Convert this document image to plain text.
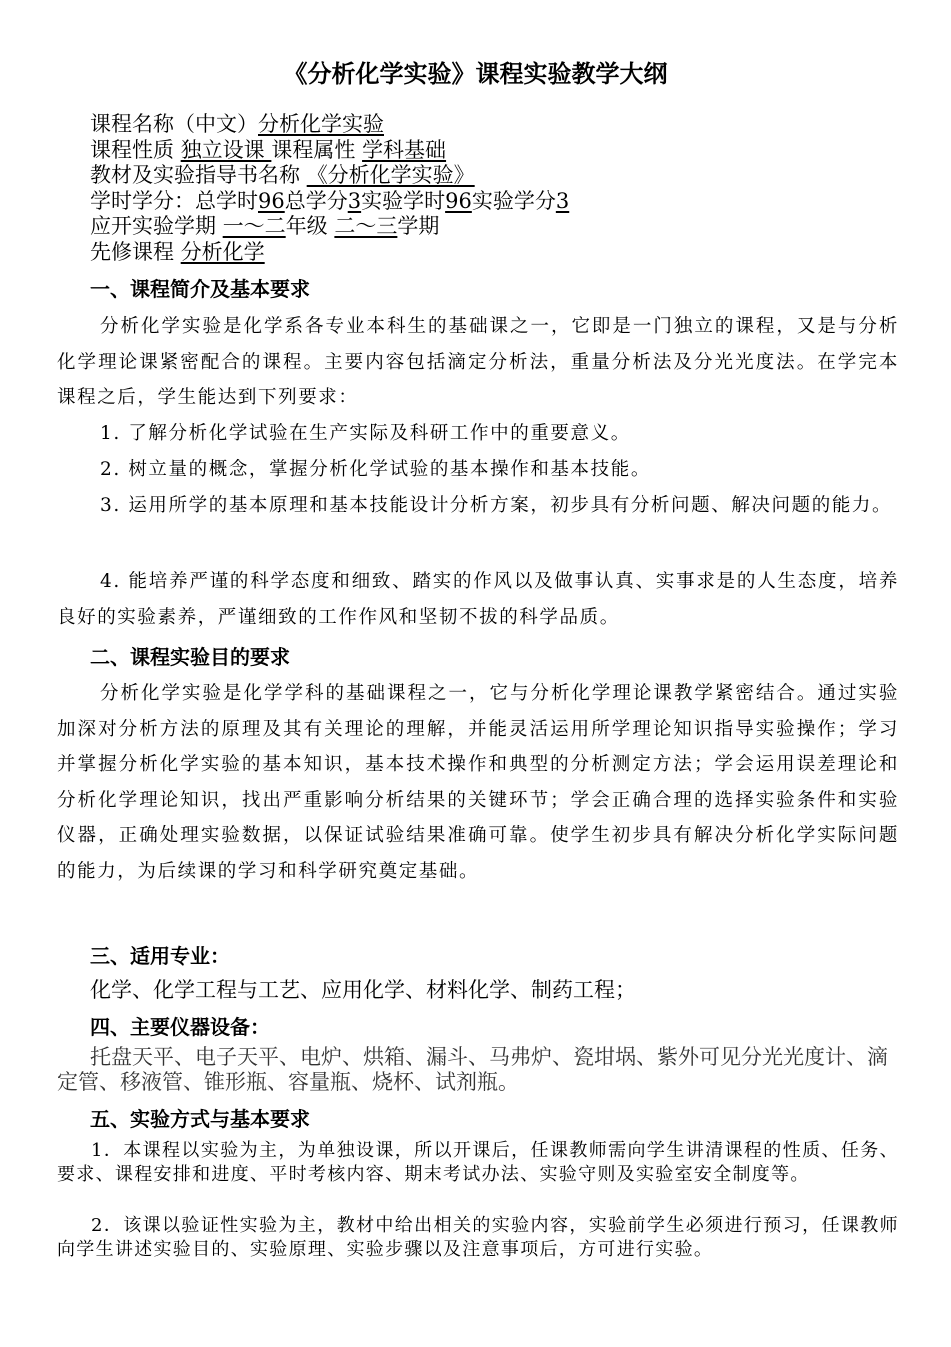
《分析化学实验》课程实验教学大纲
课程名称（中文）分析化学实验
课程性质 独立设课 课程属性 学科基础
教材及实验指导书名称 《分析化学实验》
学时学分：总学时96总学分3实验学时96实验学分3
应开实验学期 一～二年级 二～三学期
先修课程 分析化学
一、课程简介及基本要求
分析化学实验是化学系各专业本科生的基础课之一，它即是一门独立的课程，又是与分析化学理论课紧密配合的课程。主要内容包括滴定分析法，重量分析法及分光光度法。在学完本课程之后，学生能达到下列要求：
1. 了解分析化学试验在生产实际及科研工作中的重要意义。
2. 树立量的概念，掌握分析化学试验的基本操作和基本技能。
3. 运用所学的基本原理和基本技能设计分析方案，初步具有分析问题、解决问题的能力。
4. 能培养严谨的科学态度和细致、踏实的作风以及做事认真、实事求是的人生态度，培养良好的实验素养，严谨细致的工作作风和坚韧不拔的科学品质。
二、课程实验目的要求
分析化学实验是化学学科的基础课程之一，它与分析化学理论课教学紧密结合。通过实验加深对分析方法的原理及其有关理论的理解，并能灵活运用所学理论知识指导实验操作；学习并掌握分析化学实验的基本知识，基本技术操作和典型的分析测定方法；学会运用误差理论和分析化学理论知识，找出严重影响分析结果的关键环节；学会正确合理的选择实验条件和实验仪器，正确处理实验数据，以保证试验结果准确可靠。使学生初步具有解决分析化学实际问题的能力，为后续课的学习和科学研究奠定基础。
三、适用专业：
化学、化学工程与工艺、应用化学、材料化学、制药工程；
四、主要仪器设备：
托盘天平、电子天平、电炉、烘箱、漏斗、马弗炉、瓷坩埚、紫外可见分光光度计、滴定管、移液管、锥形瓶、容量瓶、烧杯、试剂瓶。
五、实验方式与基本要求
1．本课程以实验为主，为单独设课，所以开课后，任课教师需向学生讲清课程的性质、任务、要求、课程安排和进度、平时考核内容、期末考试办法、实验守则及实验室安全制度等。
2．该课以验证性实验为主，教材中给出相关的实验内容，实验前学生必须进行预习，任课教师向学生讲述实验目的、实验原理、实验步骤以及注意事项后，方可进行实验。
